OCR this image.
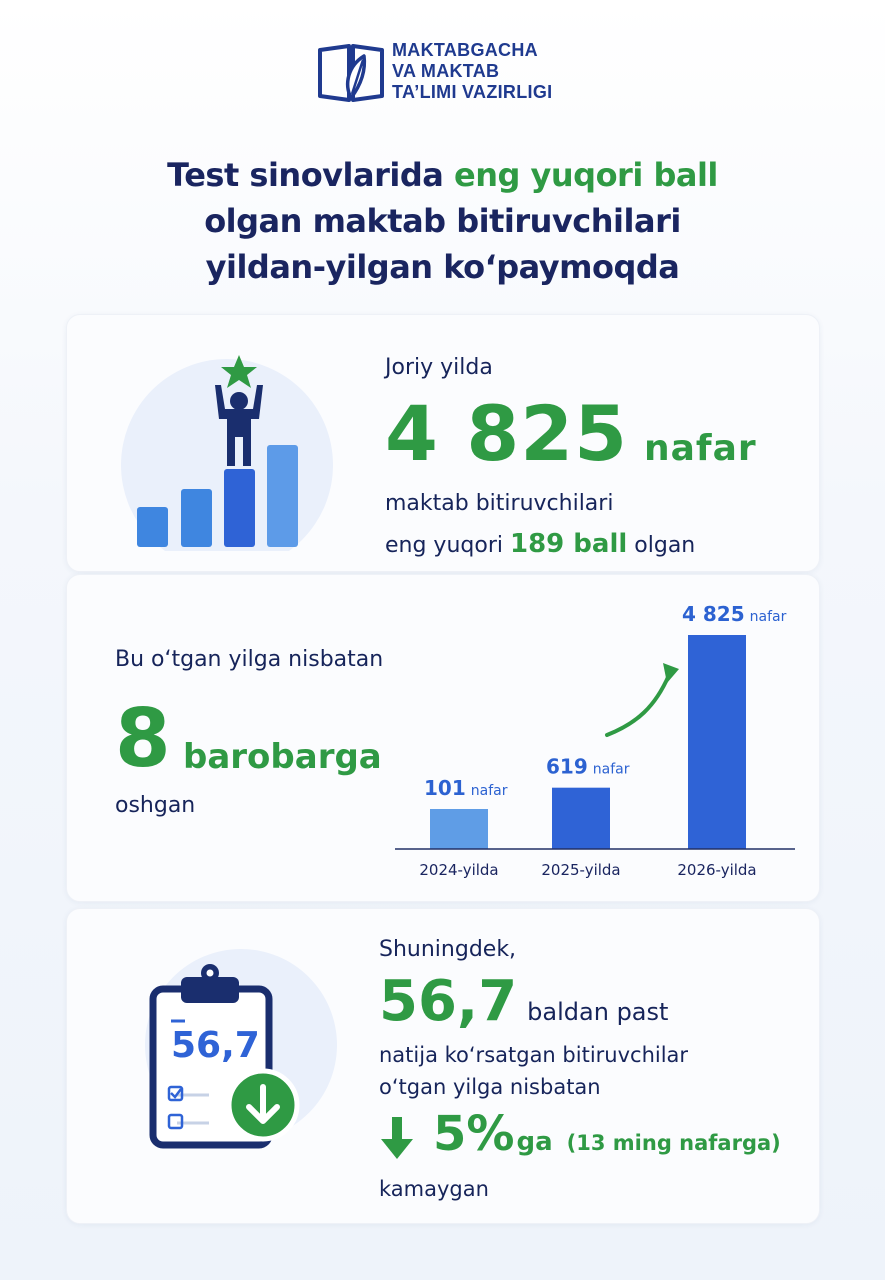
MAKTABGACHA
VA MAKTAB
TA’LIMI VAZIRLIGI
Test sinovlarida eng yuqori ball
olgan maktab bitiruvchilari
yildan-yilgan ko‘paymoqda
Joriy yilda
4 825 nafar
maktab bitiruvchilari
eng yuqori 189 ball olgan
Bu o‘tgan yilga nisbatan
8 barobarga
oshgan
101 nafar
2024-yilda
619 nafar
2025-yilda
4 825 nafar
2026-yilda
56,7
Shuningdek,
56,7 baldan past
natija ko‘rsatgan bitiruvchilar
o‘tgan yilga nisbatan
5%ga (13 ming nafarga)
kamaygan
